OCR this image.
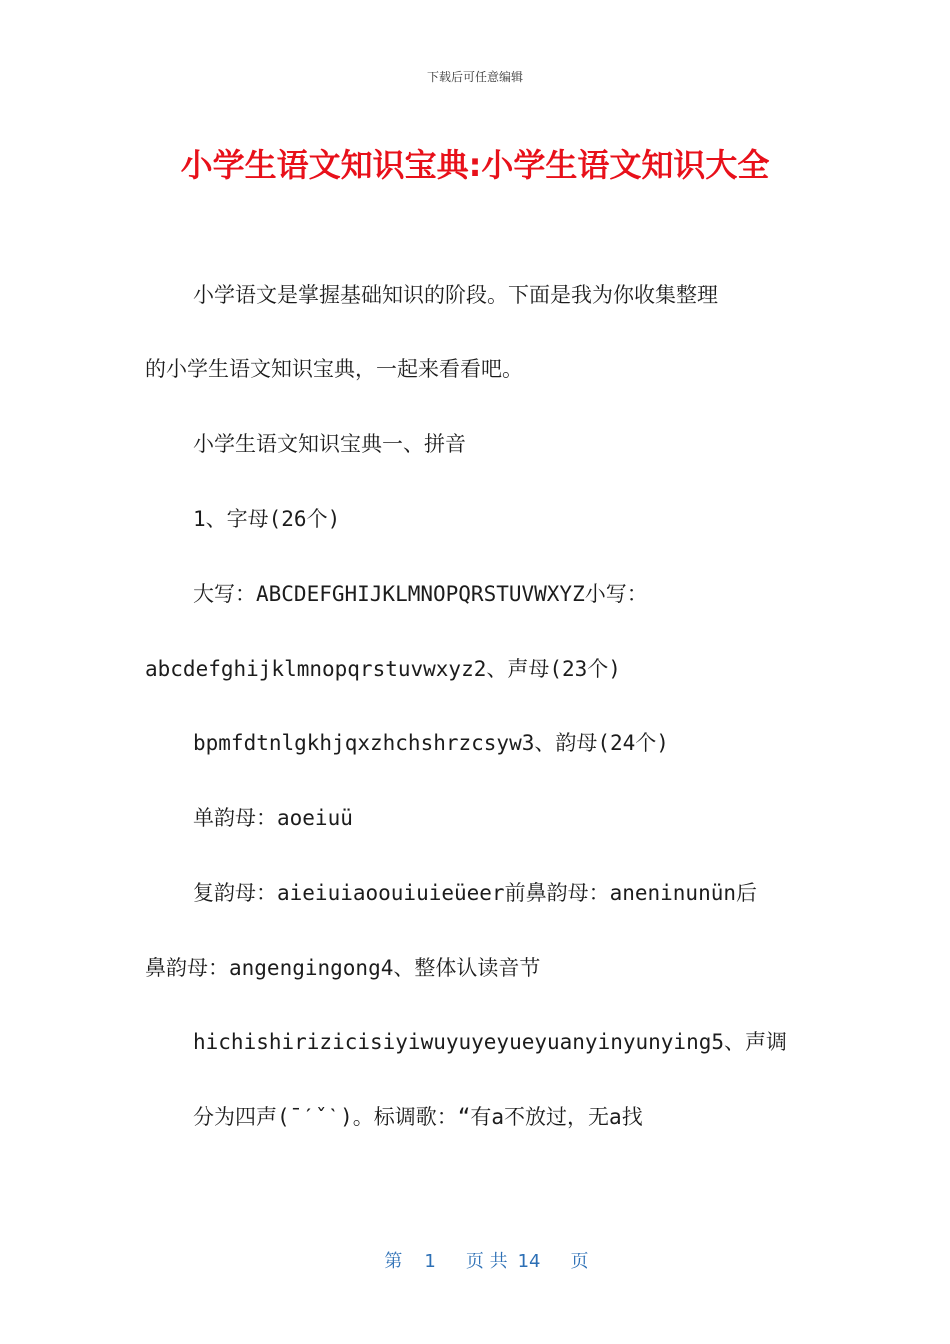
下载后可任意编辑
小学生语文知识宝典:小学生语文知识大全
小学语文是掌握基础知识的阶段。下面是我为你收集整理
的小学生语文知识宝典，一起来看看吧。
小学生语文知识宝典一、拼音
1、字母(26个)
大写：ABCDEFGHIJKLMNOPQRSTUVWXYZ小写：
abcdefghijklmnopqrstuvwxyz2、声母(23个)
bpmfdtnlgkhjqxzhchshrzcsyw3、韵母(24个)
单韵母：aoeiuü
复韵母：aieiuiaoouiuieüeer前鼻韵母：aneninunün后
鼻韵母：angengingong4、整体认读音节
hichishirizicisiyiwuyuyeyueyuanyinyunying5、声调
分为四声(ˉˊˇˋ)。标调歌：“有a不放过，无a找

第 1 页 共 14 页
